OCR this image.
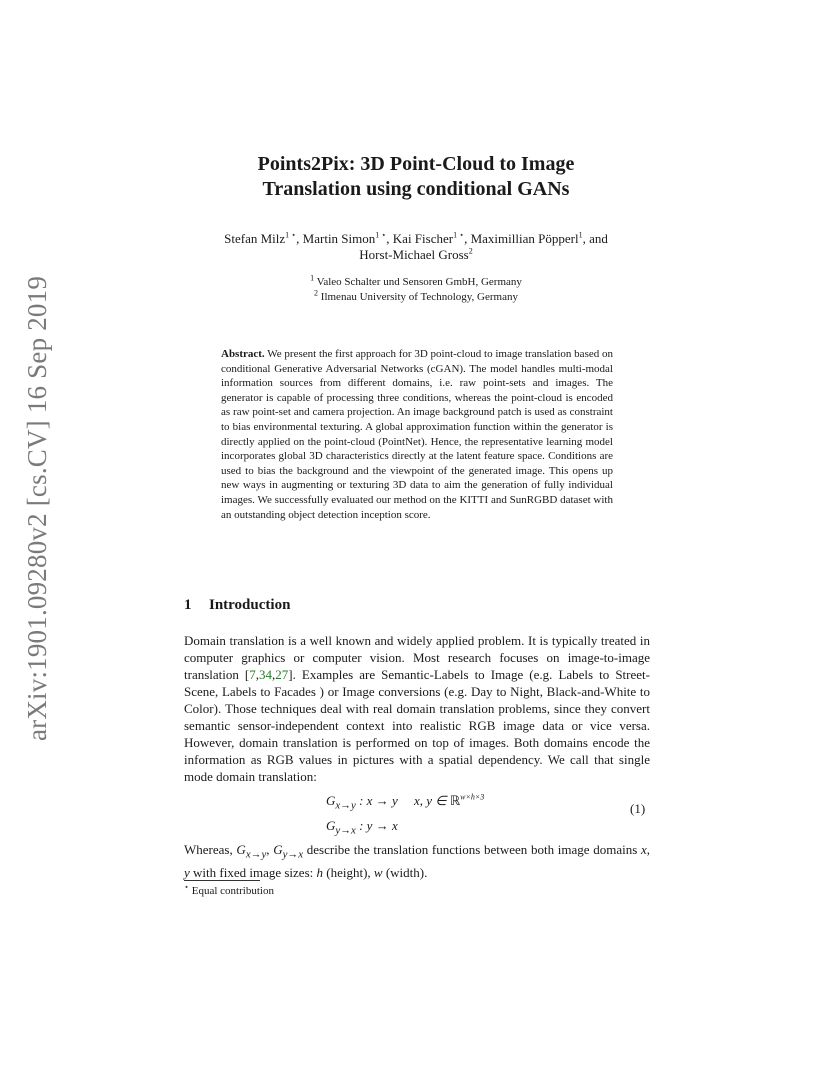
arXiv:1901.09280v2 [cs.CV] 16 Sep 2019
Points2Pix: 3D Point-Cloud to Image
Translation using conditional GANs
Stefan Milz$^{1 ⋆}$, Martin Simon$^{1 ⋆}$, Kai Fischer$^{1 ⋆}$, Maximillian Pöpperl$^1$, and
Horst-Michael Gross$^2$
$^1$ Valeo Schalter und Sensoren GmbH, Germany
$^2$ Ilmenau University of Technology, Germany
Abstract. We present the first approach for 3D point-cloud to image translation based on conditional Generative Adversarial Networks (cGAN). The model handles multi-modal information sources from different domains, i.e. raw point-sets and images. The generator is capable of processing three conditions, whereas the point-cloud is encoded as raw point-set and camera projection. An image background patch is used as constraint to bias environmental texturing. A global approximation function within the generator is directly applied on the point-cloud (PointNet). Hence, the representative learning model incorporates global 3D characteristics directly at the latent feature space. Conditions are used to bias the background and the viewpoint of the generated image. This opens up new ways in augmenting or texturing 3D data to aim the generation of fully individual images. We successfully evaluated our method on the KITTI and SunRGBD dataset with an outstanding object detection inception score.
1 Introduction
Domain translation is a well known and widely applied problem. It is typically treated in computer graphics or computer vision. Most research focuses on image-to-image translation [7,34,27]. Examples are Semantic-Labels to Image (e.g. Labels to Street-Scene, Labels to Facades ) or Image conversions (e.g. Day to Night, Black-and-White to Color). Those techniques deal with real domain translation problems, since they convert semantic sensor-independent context into realistic RGB image data or vice versa. However, domain translation is performed on top of images. Both domains encode the information as RGB values in pictures with a spatial dependency. We call that single mode domain translation:
$G_{x\to y}$ : x → y     x, y ∈ ℝ$^{w\times h\times 3}$
$G_{y\to x}$ : y → x
(1)
Whereas, $G_{x\to y}$, $G_{y\to x}$ describe the translation functions between both image domains x, y with fixed image sizes: h (height), w (width).
⋆ Equal contribution
